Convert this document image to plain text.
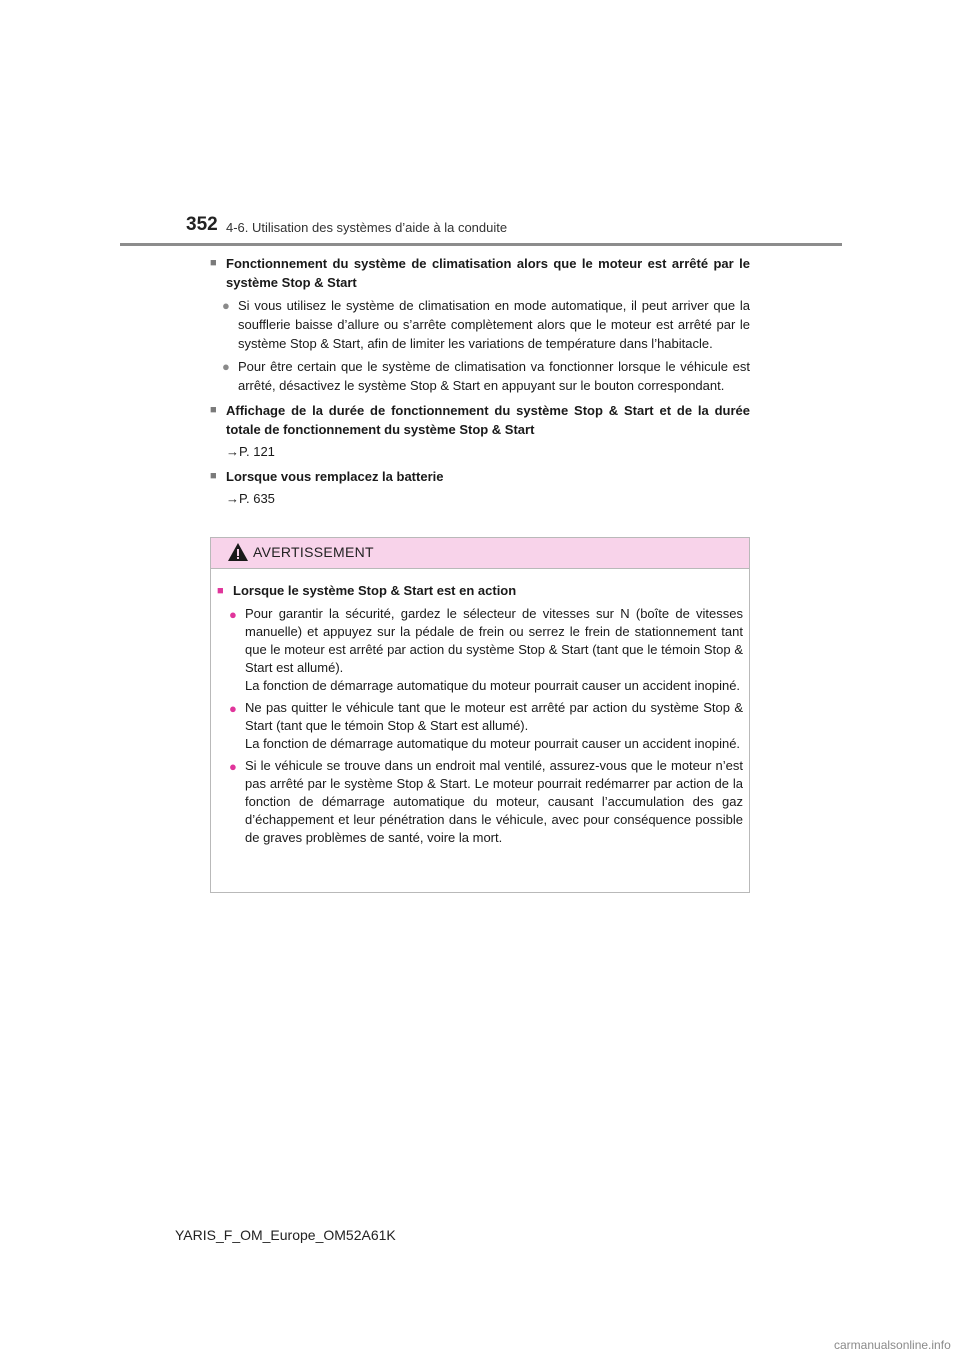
352 4-6. Utilisation des systèmes d’aide à la conduite
■ Fonctionnement du système de climatisation alors que le moteur est arrêté par le système Stop & Start
● Si vous utilisez le système de climatisation en mode automatique, il peut arriver que la soufflerie baisse d’allure ou s’arrête complètement alors que le moteur est arrêté par le système Stop & Start, afin de limiter les variations de température dans l’habitacle.
● Pour être certain que le système de climatisation va fonctionner lorsque le véhicule est arrêté, désactivez le système Stop & Start en appuyant sur le bouton correspondant.
■ Affichage de la durée de fonctionnement du système Stop & Start et de la durée totale de fonctionnement du système Stop & Start
→P. 121
■ Lorsque vous remplacez la batterie
→P. 635
AVERTISSEMENT
■ Lorsque le système Stop & Start est en action
● Pour garantir la sécurité, gardez le sélecteur de vitesses sur N (boîte de vitesses manuelle) et appuyez sur la pédale de frein ou serrez le frein de stationnement tant que le moteur est arrêté par action du système Stop & Start (tant que le témoin Stop & Start est allumé).
La fonction de démarrage automatique du moteur pourrait causer un accident inopiné.
● Ne pas quitter le véhicule tant que le moteur est arrêté par action du système Stop & Start (tant que le témoin Stop & Start est allumé).
La fonction de démarrage automatique du moteur pourrait causer un accident inopiné.
● Si le véhicule se trouve dans un endroit mal ventilé, assurez-vous que le moteur n’est pas arrêté par le système Stop & Start. Le moteur pourrait redémarrer par action de la fonction de démarrage automatique du moteur, causant l’accumulation des gaz d’échappement et leur pénétration dans le véhicule, avec pour conséquence possible de graves problèmes de santé, voire la mort.
YARIS_F_OM_Europe_OM52A61K
carmanualsonline.info
